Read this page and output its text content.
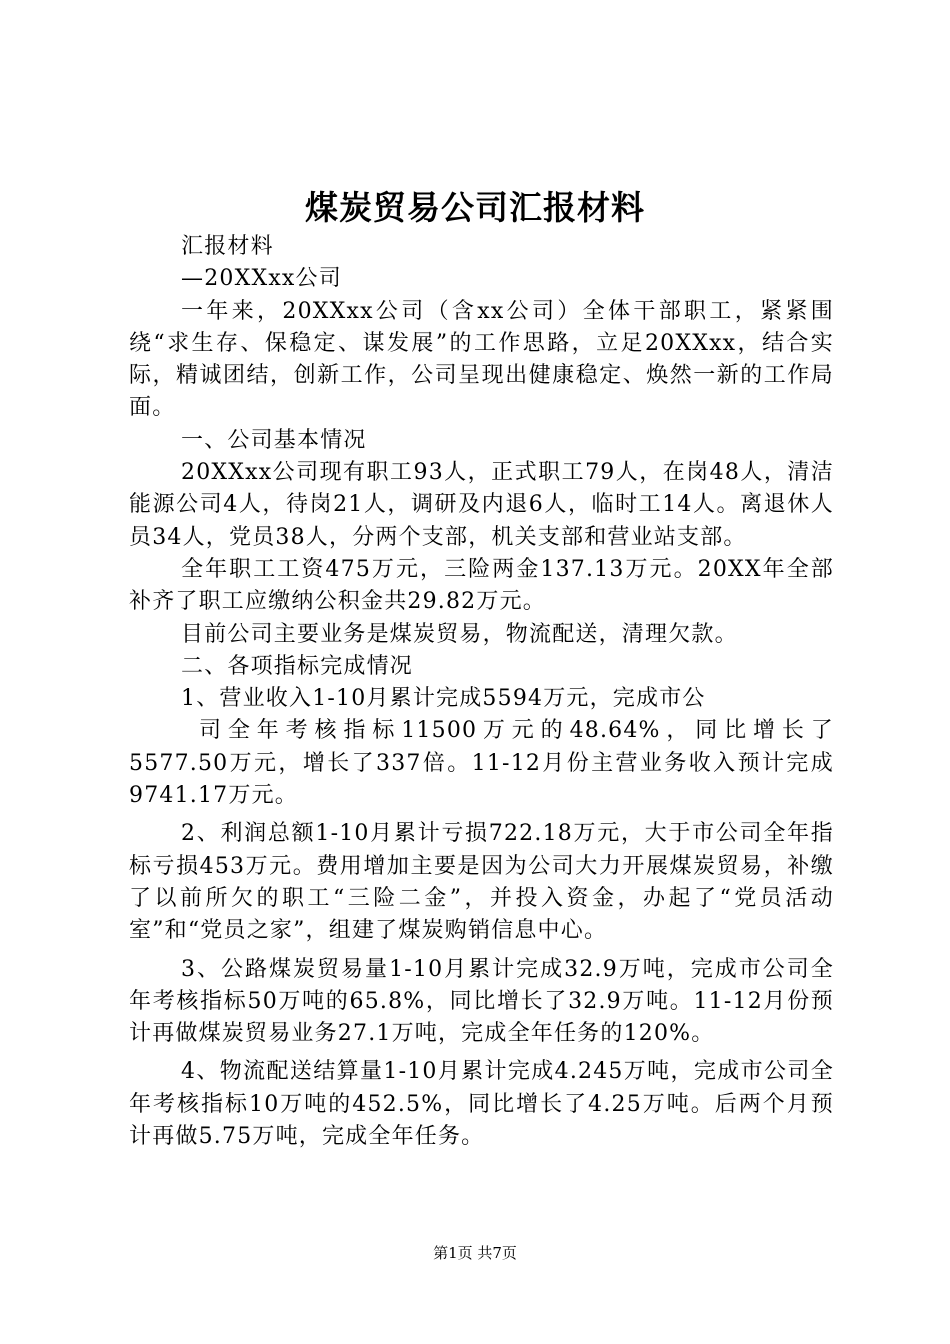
煤炭贸易公司汇报材料

汇报材料

—20XXxx公司

一年来，20XXxx公司（含xx公司）全体干部职工，紧紧围绕“求生存、保稳定、谋发展”的工作思路，立足20XXxx，结合实际，精诚团结，创新工作，公司呈现出健康稳定、焕然一新的工作局面。

一、公司基本情况

20XXxx公司现有职工93人，正式职工79人，在岗48人，清洁能源公司4人，待岗21人，调研及内退6人，临时工14人。离退休人员34人，党员38人，分两个支部，机关支部和营业站支部。

全年职工工资475万元，三险两金137.13万元。20XX年全部补齐了职工应缴纳公积金共29.82万元。

目前公司主要业务是煤炭贸易，物流配送，清理欠款。

二、各项指标完成情况

1、营业收入1-10月累计完成5594万元，完成市公

司全年考核指标11500万元的48.64%，同比增长了5577.50万元，增长了337倍。11-12月份主营业务收入预计完成9741.17万元。

2、利润总额1-10月累计亏损722.18万元，大于市公司全年指标亏损453万元。费用增加主要是因为公司大力开展煤炭贸易，补缴了以前所欠的职工“三险二金”，并投入资金，办起了“党员活动室”和“党员之家”，组建了煤炭购销信息中心。

3、公路煤炭贸易量1-10月累计完成32.9万吨，完成市公司全年考核指标50万吨的65.8%，同比增长了32.9万吨。11-12月份预计再做煤炭贸易业务27.1万吨，完成全年任务的120%。

4、物流配送结算量1-10月累计完成4.245万吨，完成市公司全年考核指标10万吨的452.5%，同比增长了4.25万吨。后两个月预计再做5.75万吨，完成全年任务。

第1页 共7页
